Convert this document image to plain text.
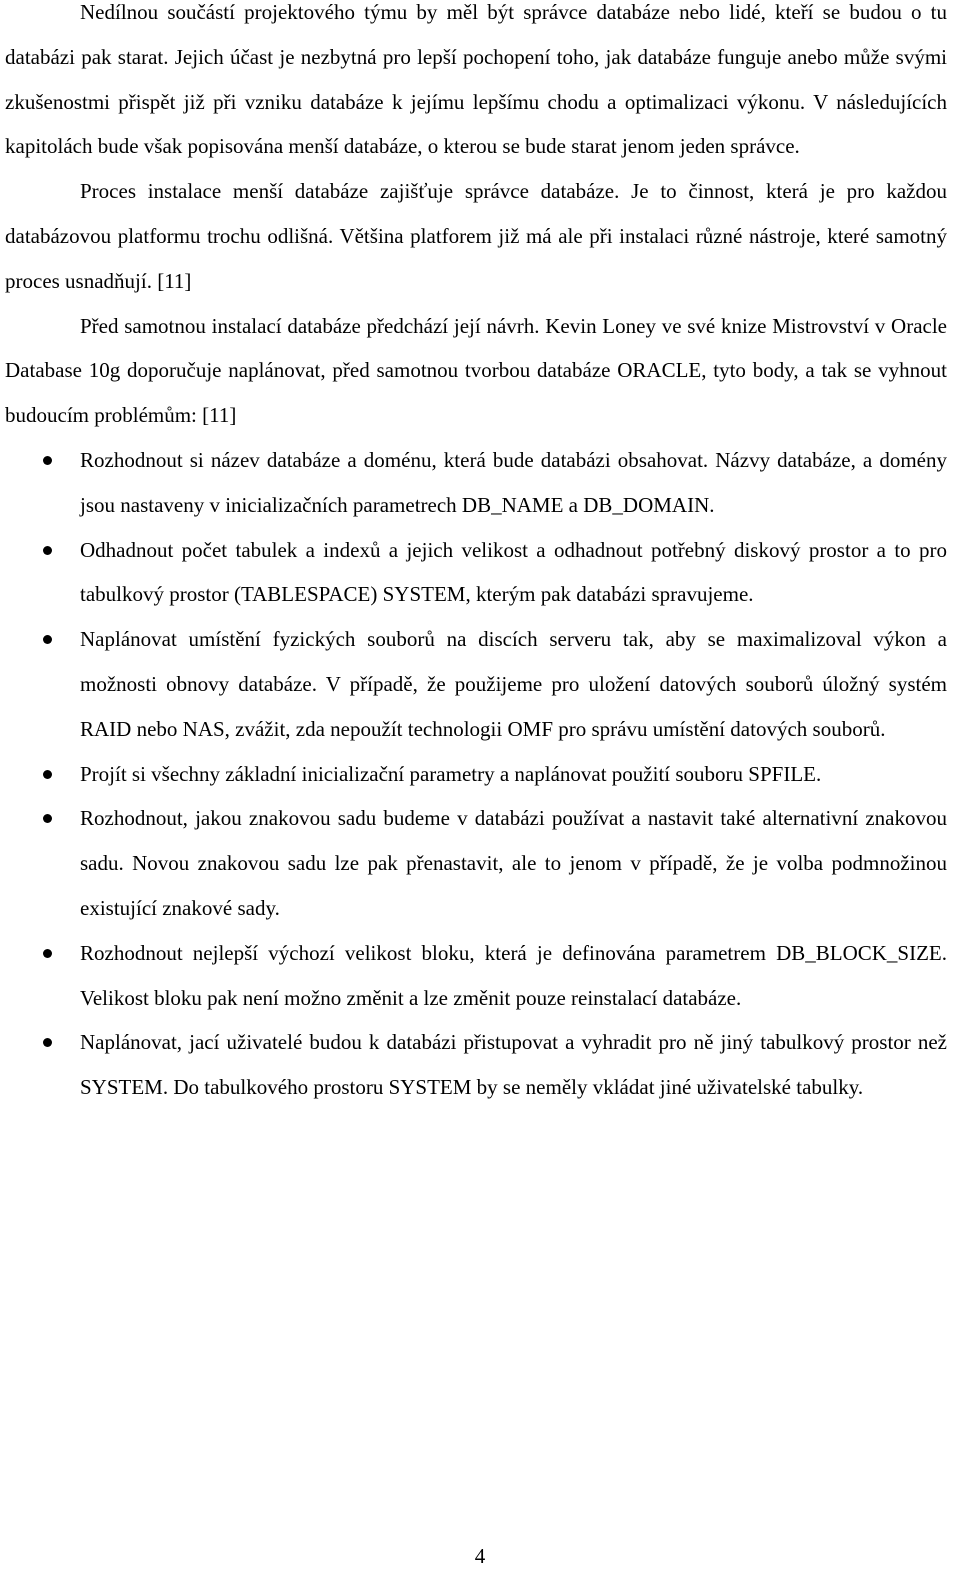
Nedílnou součástí projektového týmu by měl být správce databáze nebo lidé, kteří se budou o tu databázi pak starat. Jejich účast je nezbytná pro lepší pochopení toho, jak databáze funguje anebo může svými zkušenostmi přispět již při vzniku databáze k jejímu lepšímu chodu a optimalizaci výkonu. V následujících kapitolách bude však popisována menší databáze, o kterou se bude starat jenom jeden správce.

Proces instalace menší databáze zajišťuje správce databáze. Je to činnost, která je pro každou databázovou platformu trochu odlišná. Většina platforem již má ale při instalaci různé nástroje, které samotný proces usnadňují. [11]

Před samotnou instalací databáze předchází její návrh. Kevin Loney ve své knize Mistrovství v Oracle Database 10g doporučuje naplánovat, před samotnou tvorbou databáze ORACLE, tyto body, a tak se vyhnout budoucím problémům: [11]

Rozhodnout si název databáze a doménu, která bude databázi obsahovat. Názvy databáze, a domény jsou nastaveny v inicializačních parametrech DB_NAME a DB_DOMAIN.
Odhadnout počet tabulek a indexů a jejich velikost a odhadnout potřebný diskový prostor a to pro tabulkový prostor (TABLESPACE) SYSTEM, kterým pak databázi spravujeme.
Naplánovat umístění fyzických souborů na discích serveru tak, aby se maximalizoval výkon a možnosti obnovy databáze. V případě, že použijeme pro uložení datových souborů úložný systém RAID nebo NAS, zvážit, zda nepoužít technologii OMF pro správu umístění datových souborů.
Projít si všechny základní inicializační parametry a naplánovat použití souboru SPFILE.
Rozhodnout, jakou znakovou sadu budeme v databázi používat a nastavit také alternativní znakovou sadu. Novou znakovou sadu lze pak přenastavit, ale to jenom v případě, že je volba podmnožinou existující znakové sady.
Rozhodnout nejlepší výchozí velikost bloku, která je definována parametrem DB_BLOCK_SIZE. Velikost bloku pak není možno změnit a lze změnit pouze reinstalací databáze.
Naplánovat, jací uživatelé budou k databázi přistupovat a vyhradit pro ně jiný tabulkový prostor než SYSTEM. Do tabulkového prostoru SYSTEM by se neměly vkládat jiné uživatelské tabulky.
4
